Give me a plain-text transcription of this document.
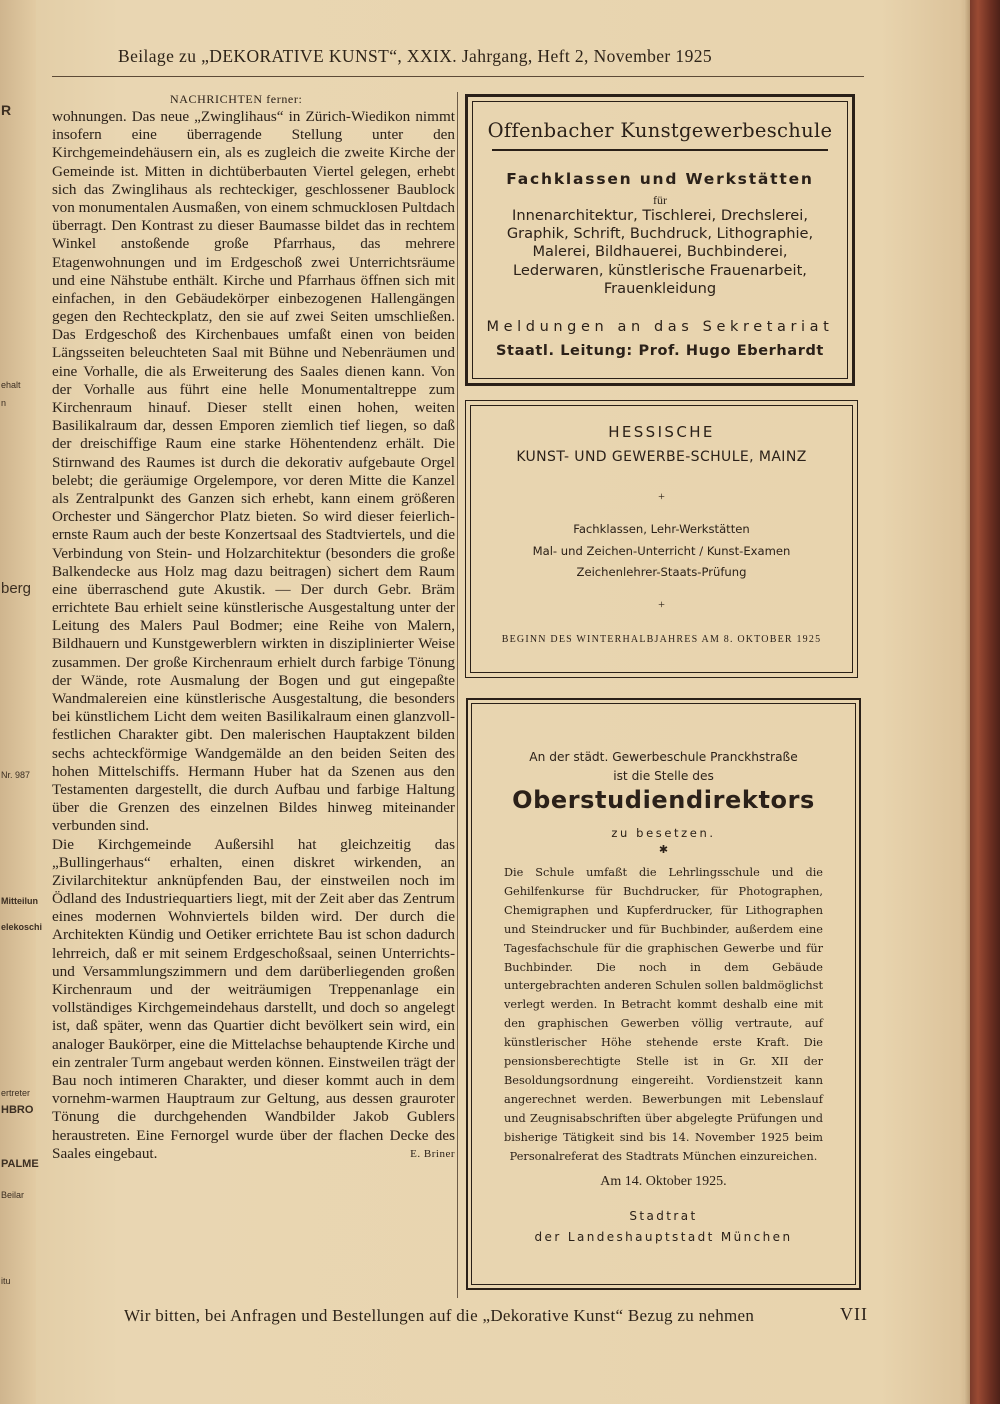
R
ehalt
n
berg
Nr. 987
Mitteilun
elekoschi
ertreter
PALME
HBRO
Beilar
itu
Beilage zu „DEKORATIVE KUNST“, XXIX. Jahrgang, Heft 2, November 1925
NACHRICHTEN ferner:

wohnungen. Das neue „Zwinglihaus“ in Zürich-Wiedikon nimmt insofern eine überragende Stellung unter den Kirchgemeindehäusern ein, als es zugleich die zweite Kirche der Gemeinde ist. Mitten in dichtüberbauten Viertel gelegen, erhebt sich das Zwinglihaus als rechteckiger, geschlossener Baublock von monumentalen Ausmaßen, von einem schmucklosen Pultdach überragt. Den Kontrast zu dieser Baumasse bildet das in rechtem Winkel anstoßende große Pfarrhaus, das mehrere Etagenwohnungen und im Erdgeschoß zwei Unterrichtsräume und eine Nähstube enthält. Kirche und Pfarrhaus öffnen sich mit einfachen, in den Gebäudekörper einbezogenen Hallengängen gegen den Rechteckplatz, den sie auf zwei Seiten umschließen. Das Erdgeschoß des Kirchenbaues umfaßt einen von beiden Längsseiten beleuchteten Saal mit Bühne und Nebenräumen und eine Vorhalle, die als Erweiterung des Saales dienen kann. Von der Vorhalle aus führt eine helle Monumentaltreppe zum Kirchenraum hinauf. Dieser stellt einen hohen, weiten Basilikalraum dar, dessen Emporen ziemlich tief liegen, so daß der dreischiffige Raum eine starke Höhentendenz erhält. Die Stirnwand des Raumes ist durch die dekorativ aufgebaute Orgel belebt; die geräumige Orgelempore, vor deren Mitte die Kanzel als Zentralpunkt des Ganzen sich erhebt, kann einem größeren Orchester und Sängerchor Platz bieten. So wird dieser feierlich-ernste Raum auch der beste Konzertsaal des Stadtviertels, und die Verbindung von Stein- und Holzarchitektur (besonders die große Balkendecke aus Holz mag dazu beitragen) sichert dem Raum eine überraschend gute Akustik. — Der durch Gebr. Bräm errichtete Bau erhielt seine künstlerische Ausgestaltung unter der Leitung des Malers Paul Bodmer; eine Reihe von Malern, Bildhauern und Kunstgewerblern wirkten in disziplinierter Weise zusammen. Der große Kirchenraum erhielt durch farbige Tönung der Wände, rote Ausmalung der Bogen und gut eingepaßte Wandmalereien eine künstlerische Ausgestaltung, die besonders bei künstlichem Licht dem weiten Basilikalraum einen glanzvoll-festlichen Charakter gibt. Den malerischen Hauptakzent bilden sechs achteckförmige Wandgemälde an den beiden Seiten des hohen Mittelschiffs. Hermann Huber hat da Szenen aus den Testamenten dargestellt, die durch Aufbau und farbige Haltung über die Grenzen des einzelnen Bildes hinweg miteinander verbunden sind.

Die Kirchgemeinde Außersihl hat gleichzeitig das „Bullingerhaus“ erhalten, einen diskret wirkenden, an Zivilarchitektur anknüpfenden Bau, der einstweilen noch im Ödland des Industriequartiers liegt, mit der Zeit aber das Zentrum eines modernen Wohnviertels bilden wird. Der durch die Architekten Kündig und Oetiker errichtete Bau ist schon dadurch lehrreich, daß er mit seinem Erdgeschoßsaal, seinen Unterrichts- und Versammlungszimmern und dem darüberliegenden großen Kirchenraum und der weiträumigen Treppenanlage ein vollständiges Kirchgemeindehaus darstellt, und doch so angelegt ist, daß später, wenn das Quartier dicht bevölkert sein wird, ein analoger Baukörper, eine die Mittelachse behauptende Kirche und ein zentraler Turm angebaut werden können. Einstweilen trägt der Bau noch intimeren Charakter, und dieser kommt auch in dem vornehm-warmen Hauptraum zur Geltung, aus dessen grauroter Tönung die durchgehenden Wandbilder Jakob Gublers heraustreten. Eine Fernorgel wurde über der flachen Decke des Saales eingebaut.	E. Briner
Offenbacher Kunstgewerbeschule
Fachklassen und Werkstätten
für
Innenarchitektur, Tischlerei, Drechslerei,
Graphik, Schrift, Buchdruck, Lithographie,
Malerei, Bildhauerei, Buchbinderei,
Lederwaren, künstlerische Frauenarbeit,
Frauenkleidung
Meldungen an das Sekretariat
Staatl. Leitung: Prof. Hugo Eberhardt
HESSISCHE
KUNST- UND GEWERBE-SCHULE, MAINZ
+
Fachklassen, Lehr-Werkstätten
Mal- und Zeichen-Unterricht / Kunst-Examen
Zeichenlehrer-Staats-Prüfung
+
BEGINN DES WINTERHALBJAHRES AM 8. OKTOBER 1925
An der städt. Gewerbeschule Pranckhstraße
ist die Stelle des
Oberstudiendirektors
zu besetzen.
✱
Die Schule umfaßt die Lehrlingsschule und die Gehilfenkurse für Buchdrucker, für Photographen, Chemigraphen und Kupferdrucker, für Lithographen und Steindrucker und für Buchbinder, außerdem eine Tagesfachschule für die graphischen Gewerbe und für Buchbinder. Die noch in dem Gebäude untergebrachten anderen Schulen sollen baldmöglichst verlegt werden. In Betracht kommt deshalb eine mit den graphischen Gewerben völlig vertraute, auf künstlerischer Höhe stehende erste Kraft. Die pensionsberechtigte Stelle ist in Gr. XII der Besoldungsordnung eingereiht. Vordienstzeit kann angerechnet werden. Bewerbungen mit Lebenslauf und Zeugnisabschriften über abgelegte Prüfungen und bisherige Tätigkeit sind bis 14. November 1925 beim Personalreferat des Stadtrats München einzureichen.
Am 14. Oktober 1925.
Stadtrat
der Landeshauptstadt München
Wir bitten, bei Anfragen und Bestellungen auf die „Dekorative Kunst“ Bezug zu nehmen	VII
